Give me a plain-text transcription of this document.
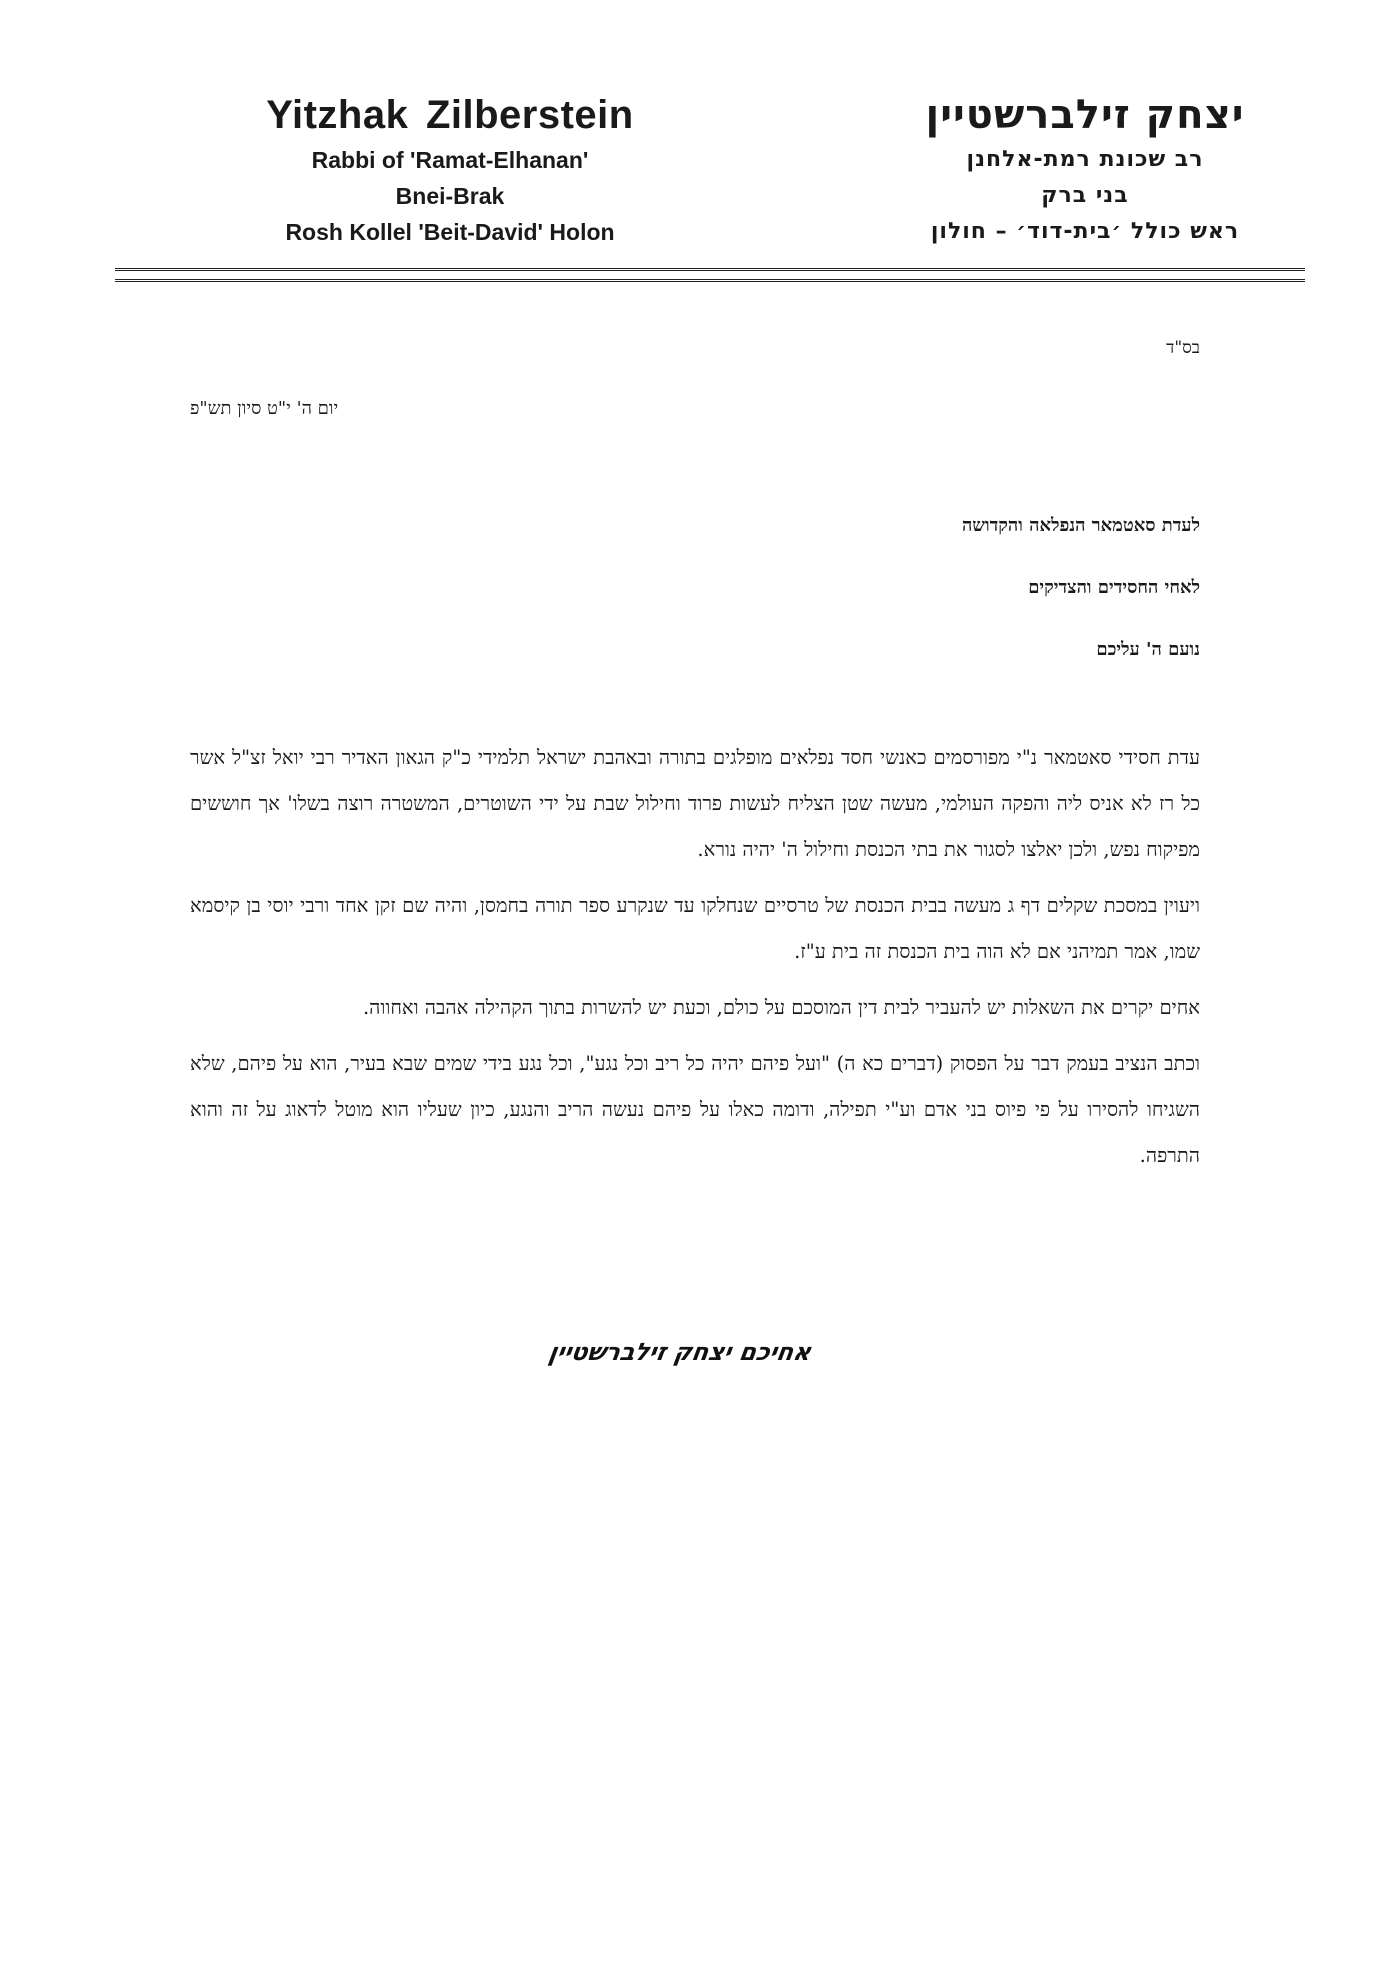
Yitzhak Zilberstein
Rabbi of 'Ramat-Elhanan'
Bnei-Brak
Rosh Kollel 'Beit-David' Holon
יצחק זילברשטיין
רב שכונת רמת-אלחנן
בני ברק
ראש כולל ׳בית-דוד׳ – חולון
בס"ד
יום ה' י"ט סיון תש"פ
לעדת סאטמאר הנפלאה והקדושה
לאחי החסידים והצדיקים
נועם ה' עליכם

עדת חסידי סאטמאר נ"י מפורסמים כאנשי חסד נפלאים מופלגים בתורה ובאהבת ישראל תלמידי כ"ק הגאון האדיר רבי יואל זצ"ל אשר כל רז לא אניס ליה והפקה העולמי, מעשה שטן הצליח לעשות פרוד וחילול שבת על ידי השוטרים, המשטרה רוצה בשלו' אך חוששים מפיקוח נפש, ולכן יאלצו לסגור את בתי הכנסת וחילול ה' יהיה נורא.

ויעוין במסכת שקלים דף ג מעשה בבית הכנסת של טרסיים שנחלקו עד שנקרע ספר תורה בחמסן, והיה שם זקן אחד ורבי יוסי בן קיסמא שמו, אמר תמיהני אם לא הוה בית הכנסת זה בית ע"ז.

אחים יקרים את השאלות יש להעביר לבית דין המוסכם על כולם, וכעת יש להשרות בתוך הקהילה אהבה ואחווה.

וכתב הנציב בעמק דבר על הפסוק (דברים כא ה) "ועל פיהם יהיה כל ריב וכל נגע", וכל נגע בידי שמים שבא בעיר, הוא על פיהם, שלא השגיחו להסירו על פי פיוס בני אדם וע"י תפילה, ודומה כאלו על פיהם נעשה הריב והנגע, כיון שעליו הוא מוטל לדאוג על זה והוא התרפה.

אחיכם יצחק זילברשטיין
